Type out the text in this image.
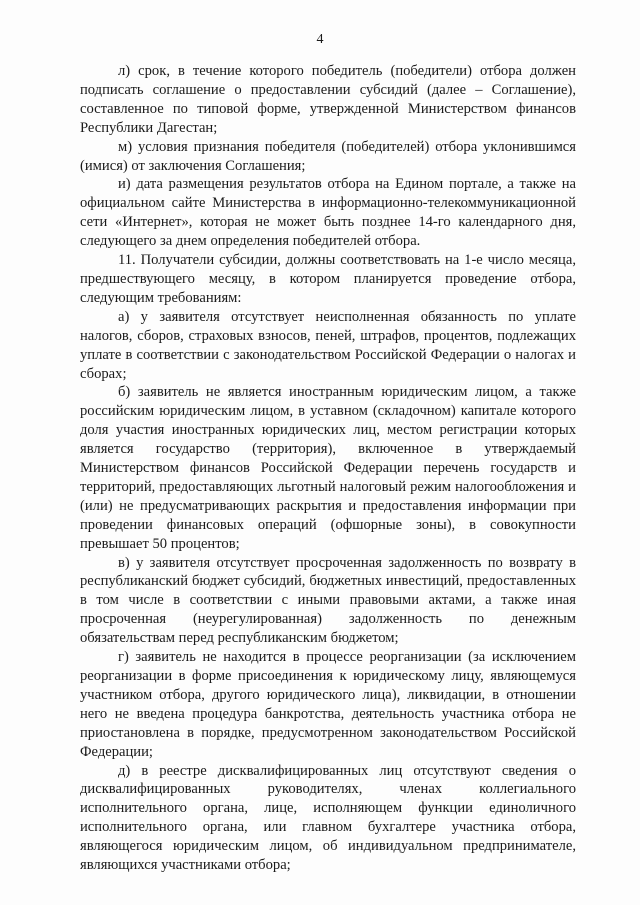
4

л) срок, в течение которого победитель (победители) отбора должен подписать соглашение о предоставлении субсидий (далее – Соглашение), составленное по типовой форме, утвержденной Министерством финансов Республики Дагестан;

м) условия признания победителя (победителей) отбора уклонившимся (имися) от заключения Соглашения;

и) дата размещения результатов отбора на Едином портале, а также на официальном сайте Министерства в информационно-телекоммуникационной сети «Интернет», которая не может быть позднее 14-го календарного дня, следующего за днем определения победителей отбора.

11. Получатели субсидии, должны соответствовать на 1-е число месяца, предшествующего месяцу, в котором планируется проведение отбора, следующим требованиям:

а) у заявителя отсутствует неисполненная обязанность по уплате налогов, сборов, страховых взносов, пеней, штрафов, процентов, подлежащих уплате в соответствии с законодательством Российской Федерации о налогах и сборах;

б) заявитель не является иностранным юридическим лицом, а также российским юридическим лицом, в уставном (складочном) капитале которого доля участия иностранных юридических лиц, местом регистрации которых является государство (территория), включенное в утверждаемый Министерством финансов Российской Федерации перечень государств и территорий, предоставляющих льготный налоговый режим налогообложения и (или) не предусматривающих раскрытия и предоставления информации при проведении финансовых операций (офшорные зоны), в совокупности превышает 50 процентов;

в) у заявителя отсутствует просроченная задолженность по возврату в республиканский бюджет субсидий, бюджетных инвестиций, предоставленных в том числе в соответствии с иными правовыми актами, а также иная просроченная (неурегулированная) задолженность по денежным обязательствам перед республиканским бюджетом;

г) заявитель не находится в процессе реорганизации (за исключением реорганизации в форме присоединения к юридическому лицу, являющемуся участником отбора, другого юридического лица), ликвидации, в отношении него не введена процедура банкротства, деятельность участника отбора не приостановлена в порядке, предусмотренном законодательством Российской Федерации;

д) в реестре дисквалифицированных лиц отсутствуют сведения о дисквалифицированных руководителях, членах коллегиального исполнительного органа, лице, исполняющем функции единоличного исполнительного органа, или главном бухгалтере участника отбора, являющегося юридическим лицом, об индивидуальном предпринимателе, являющихся участниками отбора;
